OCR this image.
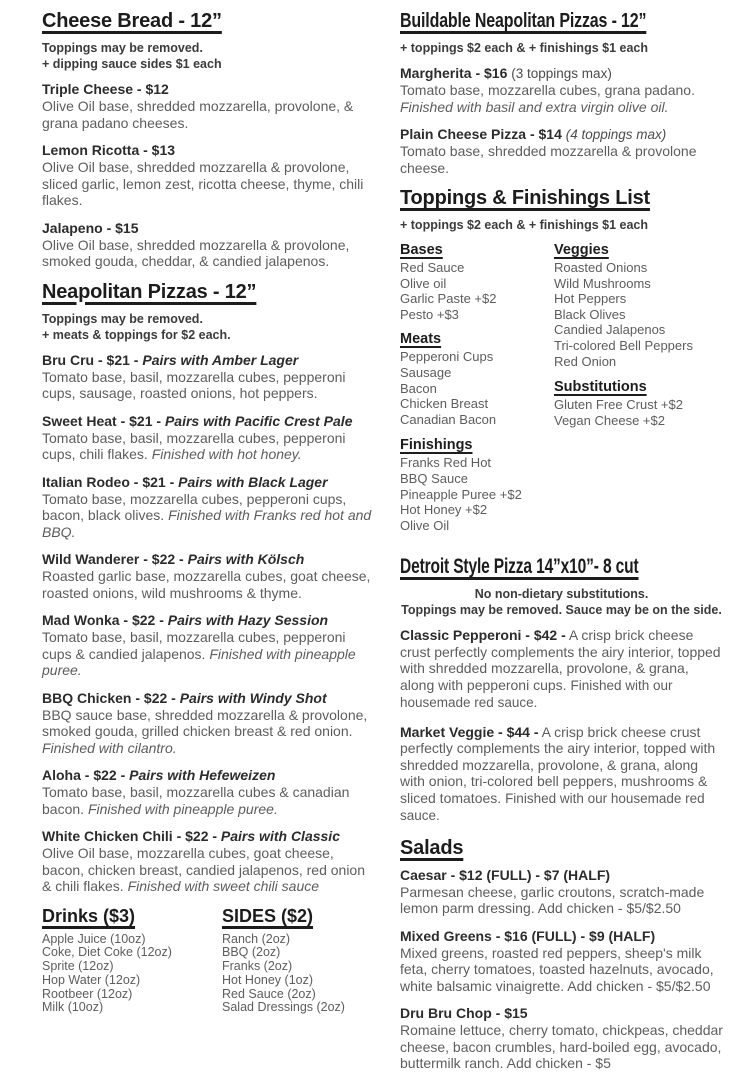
Cheese Bread - 12”

Toppings may be removed.

+ dipping sauce sides $1 each

Triple Cheese - $12
Olive Oil base, shredded mozzarella, provolone, & grana padano cheeses.
Lemon Ricotta - $13
Olive Oil base, shredded mozzarella & provolone, sliced garlic, lemon zest, ricotta cheese, thyme, chili flakes.
Jalapeno - $15
Olive Oil base, shredded mozzarella & provolone, smoked gouda, cheddar, & candied jalapenos.
Neapolitan Pizzas - 12”

Toppings may be removed.

+ meats & toppings for $2 each.

Bru Cru - $21 - Pairs with Amber Lager
Tomato base, basil, mozzarella cubes, pepperoni cups, sausage, roasted onions, hot peppers.
Sweet Heat - $21 - Pairs with Pacific Crest Pale
Tomato base, basil, mozzarella cubes, pepperoni cups, chili flakes. Finished with hot honey.
Italian Rodeo - $21 - Pairs with Black Lager
Tomato base, mozzarella cubes, pepperoni cups, bacon, black olives. Finished with Franks red hot and BBQ.
Wild Wanderer - $22 - Pairs with Kölsch
Roasted garlic base, mozzarella cubes, goat cheese, roasted onions, wild mushrooms & thyme.
Mad Wonka - $22 - Pairs with Hazy Session
Tomato base, basil, mozzarella cubes, pepperoni cups & candied jalapenos. Finished with pineapple puree.
BBQ Chicken - $22 - Pairs with Windy Shot
BBQ sauce base, shredded mozzarella & provolone, smoked gouda, grilled chicken breast & red onion. Finished with cilantro.
Aloha - $22 - Pairs with Hefeweizen
Tomato base, basil, mozzarella cubes & canadian bacon. Finished with pineapple puree.
White Chicken Chili - $22 - Pairs with Classic
Olive Oil base, mozzarella cubes, goat cheese, bacon, chicken breast, candied jalapenos, red onion & chili flakes. Finished with sweet chili sauce
Drinks ($3)
Apple Juice (10oz)
Coke, Diet Coke (12oz)
Sprite (12oz)
Hop Water (12oz)
Rootbeer (12oz)
Milk (10oz)
SIDES ($2)
Ranch (2oz)
BBQ (2oz)
Franks (2oz)
Hot Honey (1oz)
Red Sauce (2oz)
Salad Dressings (2oz)
Buildable Neapolitan Pizzas - 12”

+ toppings $2 each & + finishings $1 each

Margherita - $16 (3 toppings max)
Tomato base, mozzarella cubes, grana padano. Finished with basil and extra virgin olive oil.
Plain Cheese Pizza - $14 (4 toppings max)
Tomato base, shredded mozzarella & provolone cheese.
Toppings & Finishings List

+ toppings $2 each & + finishings $1 each

Bases
Red Sauce
Olive oil
Garlic Paste +$2
Pesto +$3
Meats
Pepperoni Cups
Sausage
Bacon
Chicken Breast
Canadian Bacon
Finishings
Franks Red Hot
BBQ Sauce
Pineapple Puree +$2
Hot Honey +$2
Olive Oil
Veggies
Roasted Onions
Wild Mushrooms
Hot Peppers
Black Olives
Candied Jalapenos
Tri-colored Bell Peppers
Red Onion
Substitutions
Gluten Free Crust +$2
Vegan Cheese +$2
Detroit Style Pizza 14”x10”- 8 cut

No non-dietary substitutions.

Toppings may be removed. Sauce may be on the side.

Classic Pepperoni - $42 - A crisp brick cheese crust perfectly complements the airy interior, topped with shredded mozzarella, provolone, & grana, along with pepperoni cups. Finished with our housemade red sauce.

Market Veggie - $44 - A crisp brick cheese crust perfectly complements the airy interior, topped with shredded mozzarella, provolone, & grana, along with onion, tri-colored bell peppers, mushrooms & sliced tomatoes. Finished with our housemade red sauce.

Salads
Caesar - $12 (FULL) - $7 (HALF)
Parmesan cheese, garlic croutons, scratch-made lemon parm dressing. Add chicken - $5/$2.50
Mixed Greens - $16 (FULL) - $9 (HALF)
Mixed greens, roasted red peppers, sheep's milk feta, cherry tomatoes, toasted hazelnuts, avocado, white balsamic vinaigrette. Add chicken - $5/$2.50
Dru Bru Chop - $15
Romaine lettuce, cherry tomato, chickpeas, cheddar cheese, bacon crumbles, hard-boiled egg, avocado, buttermilk ranch. Add chicken - $5
